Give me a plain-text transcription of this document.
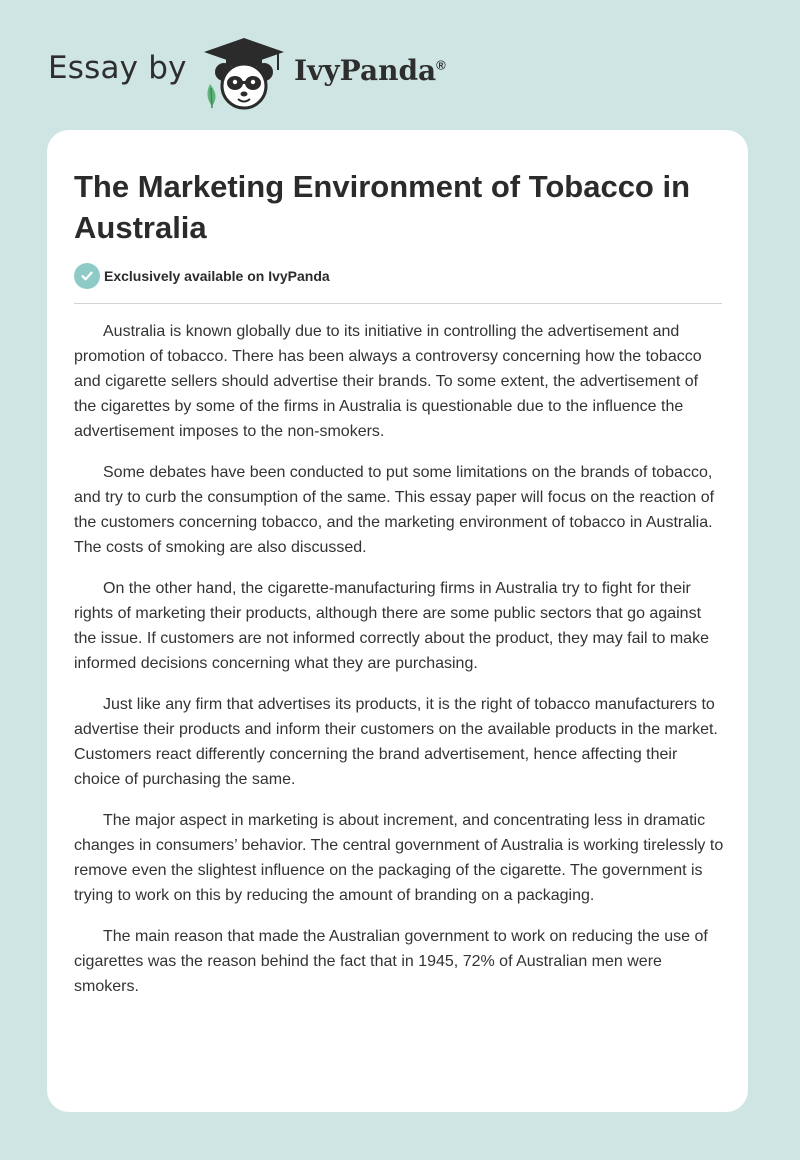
Essay by	IvyPanda®
The Marketing Environment of Tobacco in Australia
Exclusively available on IvyPanda

Australia is known globally due to its initiative in controlling the advertisement and promotion of tobacco. There has been always a controversy concerning how the tobacco and cigarette sellers should advertise their brands. To some extent, the advertisement of the cigarettes by some of the firms in Australia is questionable due to the influence the advertisement imposes to the non-smokers.

Some debates have been conducted to put some limitations on the brands of tobacco, and try to curb the consumption of the same. This essay paper will focus on the reaction of the customers concerning tobacco, and the marketing environment of tobacco in Australia. The costs of smoking are also discussed.

On the other hand, the cigarette-manufacturing firms in Australia try to fight for their rights of marketing their products, although there are some public sectors that go against the issue. If customers are not informed correctly about the product, they may fail to make informed decisions concerning what they are purchasing.

Just like any firm that advertises its products, it is the right of tobacco manufacturers to advertise their products and inform their customers on the available products in the market. Customers react differently concerning the brand advertisement, hence affecting their choice of purchasing the same.

The major aspect in marketing is about increment, and concentrating less in dramatic changes in consumers’ behavior. The central government of Australia is working tirelessly to remove even the slightest influence on the packaging of the cigarette. The government is trying to work on this by reducing the amount of branding on a packaging.

The main reason that made the Australian government to work on reducing the use of cigarettes was the reason behind the fact that in 1945, 72% of Australian men were smokers.
